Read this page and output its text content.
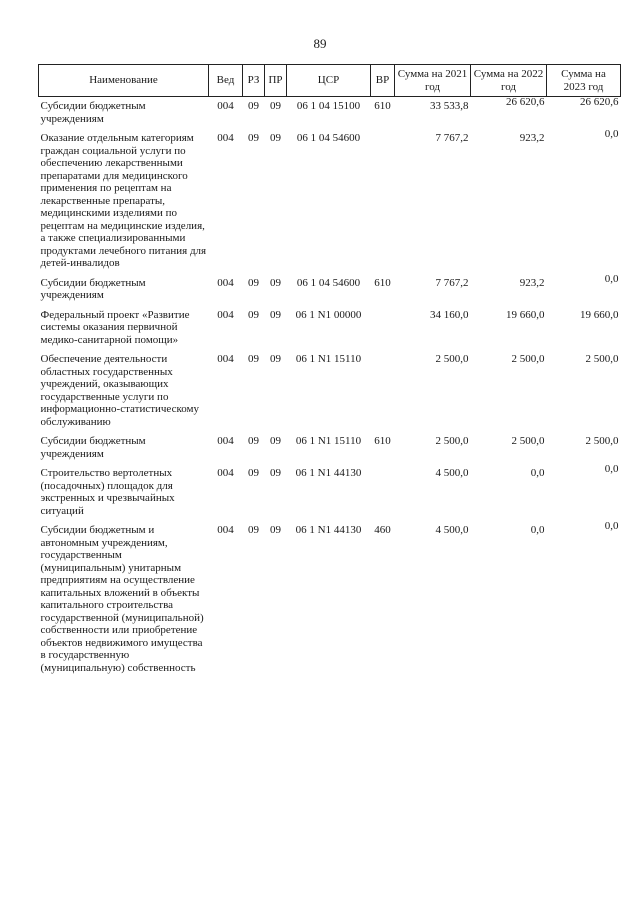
89
Наименование	Вед	РЗ	ПР	ЦСР	ВР	Сумма на 2021 год	Сумма на 2022 год	Сумма на 2023 год
Субсидии бюджетным учреждениям	004	09	09	06 1 04 15100	610	33 533,8	26 620,6	26 620,6
Оказание отдельным категориям граждан социальной услуги по обеспечению лекарственными препаратами для медицинского применения по рецептам на лекарственные препараты, медицинскими изделиями по рецептам на медицинские изделия, а также специализированными продуктами лечебного питания для детей-инвалидов	004	09	09	06 1 04 54600		7 767,2	923,2	0,0
Субсидии бюджетным учреждениям	004	09	09	06 1 04 54600	610	7 767,2	923,2	0,0
Федеральный проект «Развитие системы оказания первичной медико-санитарной помощи»	004	09	09	06 1 N1 00000		34 160,0	19 660,0	19 660,0
Обеспечение деятельности областных государственных учреждений, оказывающих государственные услуги по информационно-статистическому обслуживанию	004	09	09	06 1 N1 15110		2 500,0	2 500,0	2 500,0
Субсидии бюджетным учреждениям	004	09	09	06 1 N1 15110	610	2 500,0	2 500,0	2 500,0
Строительство вертолетных (посадочных) площадок для экстренных и чрезвычайных ситуаций	004	09	09	06 1 N1 44130		4 500,0	0,0	0,0
Субсидии бюджетным и автономным учреждениям, государственным (муниципальным) унитарным предприятиям на осуществление капитальных вложений в объекты капитального строительства государственной (муниципальной) собственности или приобретение объектов недвижимого имущества в государственную (муниципальную) собственность	004	09	09	06 1 N1 44130	460	4 500,0	0,0	0,0
